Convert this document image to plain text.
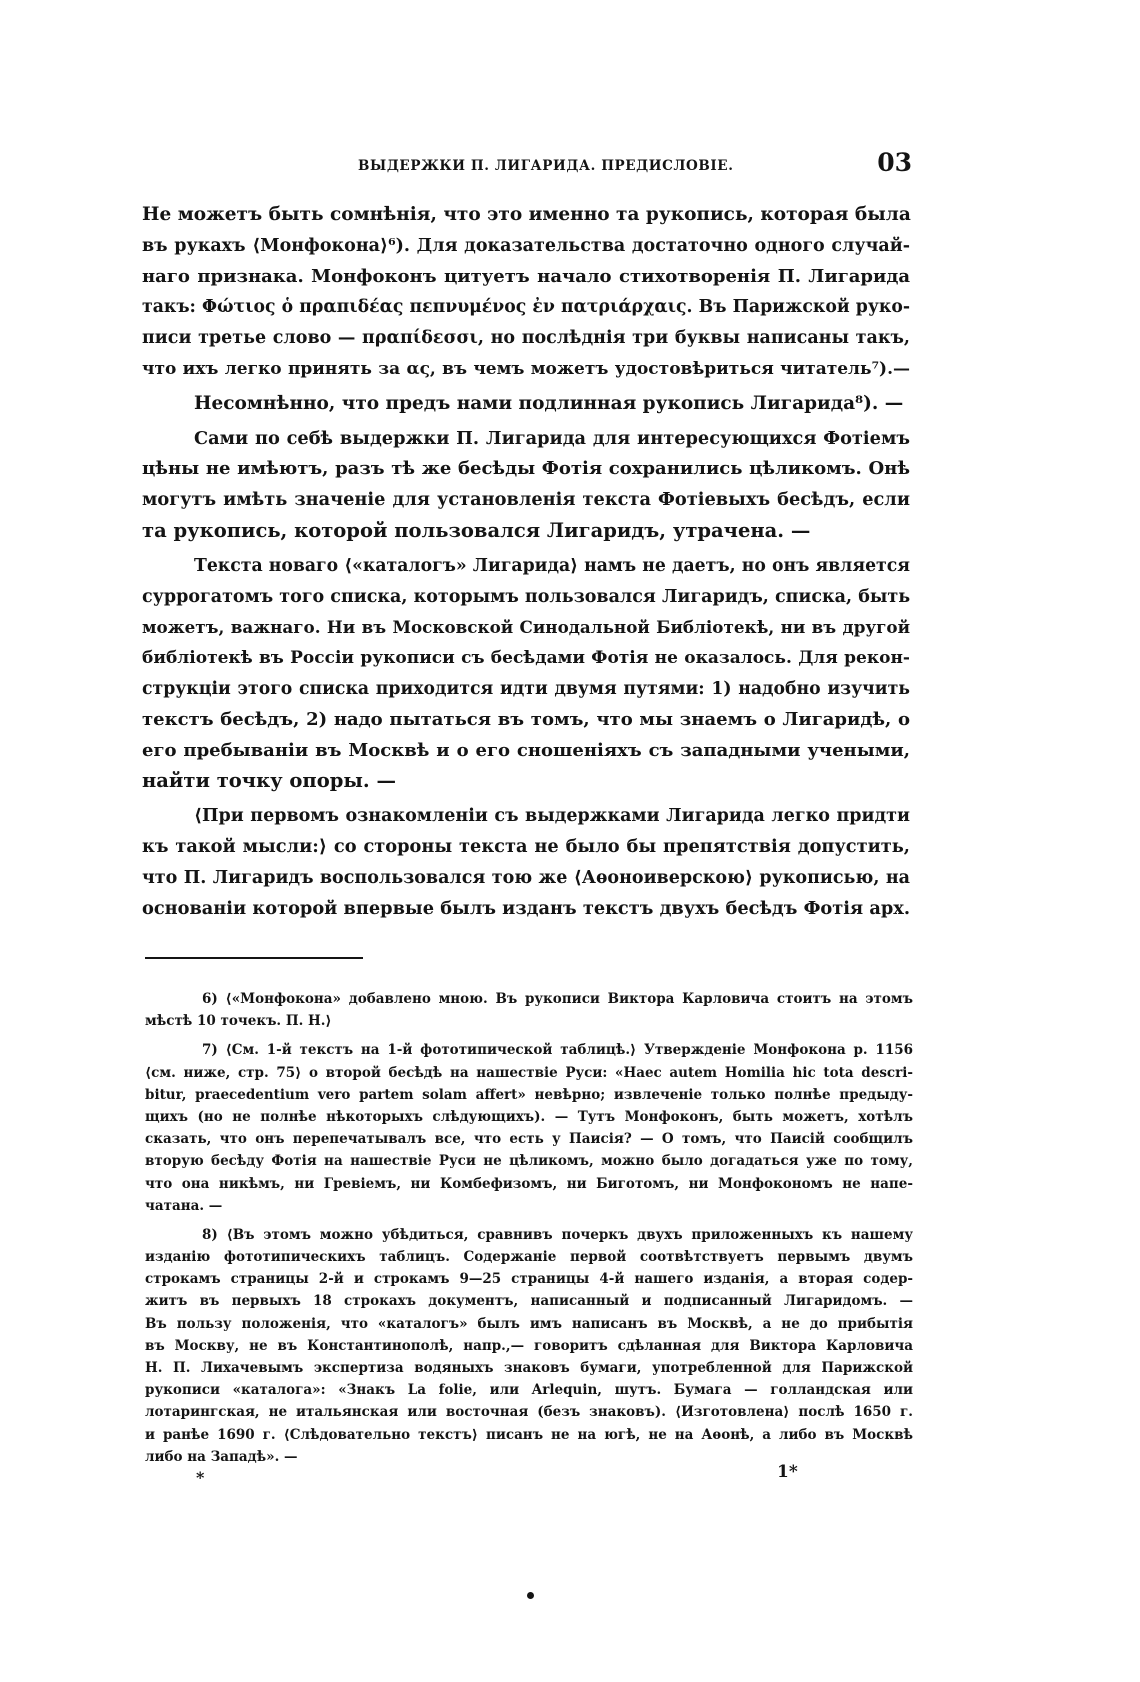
ВЫДЕРЖКИ П. ЛИГАРИДА. ПРЕДИСЛОВІЕ.	03
Не можетъ быть сомнѣнія, что это именно та рукопись, которая была
въ рукахъ ⟨Монфокона⟩⁶). Для доказательства достаточно одного случай-
наго признака. Монфоконъ цитуетъ начало стихотворенія П. Лигарида
такъ: Φώτιος ὁ πραπιδέας πεπνυμένος ἐν πατριάρχαις. Въ Парижской руко-
писи третье слово — πραπίδεσσι, но послѣднія три буквы написаны такъ,
что ихъ легко принять за ας, въ чемъ можетъ удостовѣриться читатель⁷).—
Несомнѣнно, что предъ нами подлинная рукопись Лигарида⁸). —
Сами по себѣ выдержки П. Лигарида для интересующихся Фотіемъ
цѣны не имѣютъ, разъ тѣ же бесѣды Фотія сохранились цѣликомъ. Онѣ
могутъ имѣть значеніе для установленія текста Фотіевыхъ бесѣдъ, если
та рукопись, которой пользовался Лигаридъ, утрачена. —
Текста новаго ⟨«каталогъ» Лигарида⟩ намъ не даетъ, но онъ является
суррогатомъ того списка, которымъ пользовался Лигаридъ, списка, быть
можетъ, важнаго. Ни въ Московской Синодальной Библіотекѣ, ни въ другой
библіотекѣ въ Россіи рукописи съ бесѣдами Фотія не оказалось. Для рекон-
струкціи этого списка приходится идти двумя путями: 1) надобно изучить
текстъ бесѣдъ, 2) надо пытаться въ томъ, что мы знаемъ о Лигаридѣ, о
его пребываніи въ Москвѣ и о его сношеніяхъ съ западными учеными,
найти точку опоры. —
⟨При первомъ ознакомленіи съ выдержками Лигарида легко придти
къ такой мысли:⟩ со стороны текста не было бы препятствія допустить,
что П. Лигаридъ воспользовался тою же ⟨Аѳонoиверскою⟩ рукописью, на
основаніи которой впервые былъ изданъ текстъ двухъ бесѣдъ Фотія арх.
6) ⟨«Монфокона» добавлено мною. Въ рукописи Виктора Карловича стоитъ на этомъ
мѣстѣ 10 точекъ. П. Н.⟩
7) ⟨См. 1-й текстъ на 1-й фототипической таблицѣ.⟩ Утвержденіе Монфокона p. 1156
⟨см. ниже, стр. 75⟩ о второй бесѣдѣ на нашествіе Руси: «Haec autem Homilia hic tota descri-
bitur, praecedentium vero partem solam affert» невѣрно; извлеченіе только полнѣе предыду-
щихъ (но не полнѣе нѣкоторыхъ слѣдующихъ). — Тутъ Монфоконъ, быть можетъ, хотѣлъ
сказать, что онъ перепечатывалъ все, что есть у Паисія? — О томъ, что Паисій сообщилъ
вторую бесѣду Фотія на нашествіе Руси не цѣликомъ, можно было догадаться уже по тому,
что она никѣмъ, ни Гревіемъ, ни Комбефизомъ, ни Биготомъ, ни Монфокономъ не напе-
чатана. —
8) ⟨Въ этомъ можно убѣдиться, сравнивъ почеркъ двухъ приложенныхъ къ нашему
изданію фототипическихъ таблицъ. Содержаніе первой соотвѣтствуетъ первымъ двумъ
строкамъ страницы 2-й и строкамъ 9—25 страницы 4-й нашего изданія, а вторая содер-
житъ въ первыхъ 18 строкахъ документъ, написанный и подписанный Лигаридомъ. —
Въ пользу положенія, что «каталогъ» былъ имъ написанъ въ Москвѣ, а не до прибытія
въ Москву, не въ Константинополѣ, напр.,— говоритъ сдѣланная для Виктора Карловича
Н. П. Лихачевымъ экспертиза водяныхъ знаковъ бумаги, употребленной для Парижской
рукописи «каталога»: «Знакъ La folie, или Arlequin, шутъ. Бумага — голландская или
лотарингская, не итальянская или восточная (безъ знаковъ). ⟨Изготовлена⟩ послѣ 1650 г.
и ранѣе 1690 г. ⟨Слѣдовательно текстъ⟩ писанъ не на югѣ, не на Аѳонѣ, а либо въ Москвѣ
либо на Западѣ». —
*	1*
